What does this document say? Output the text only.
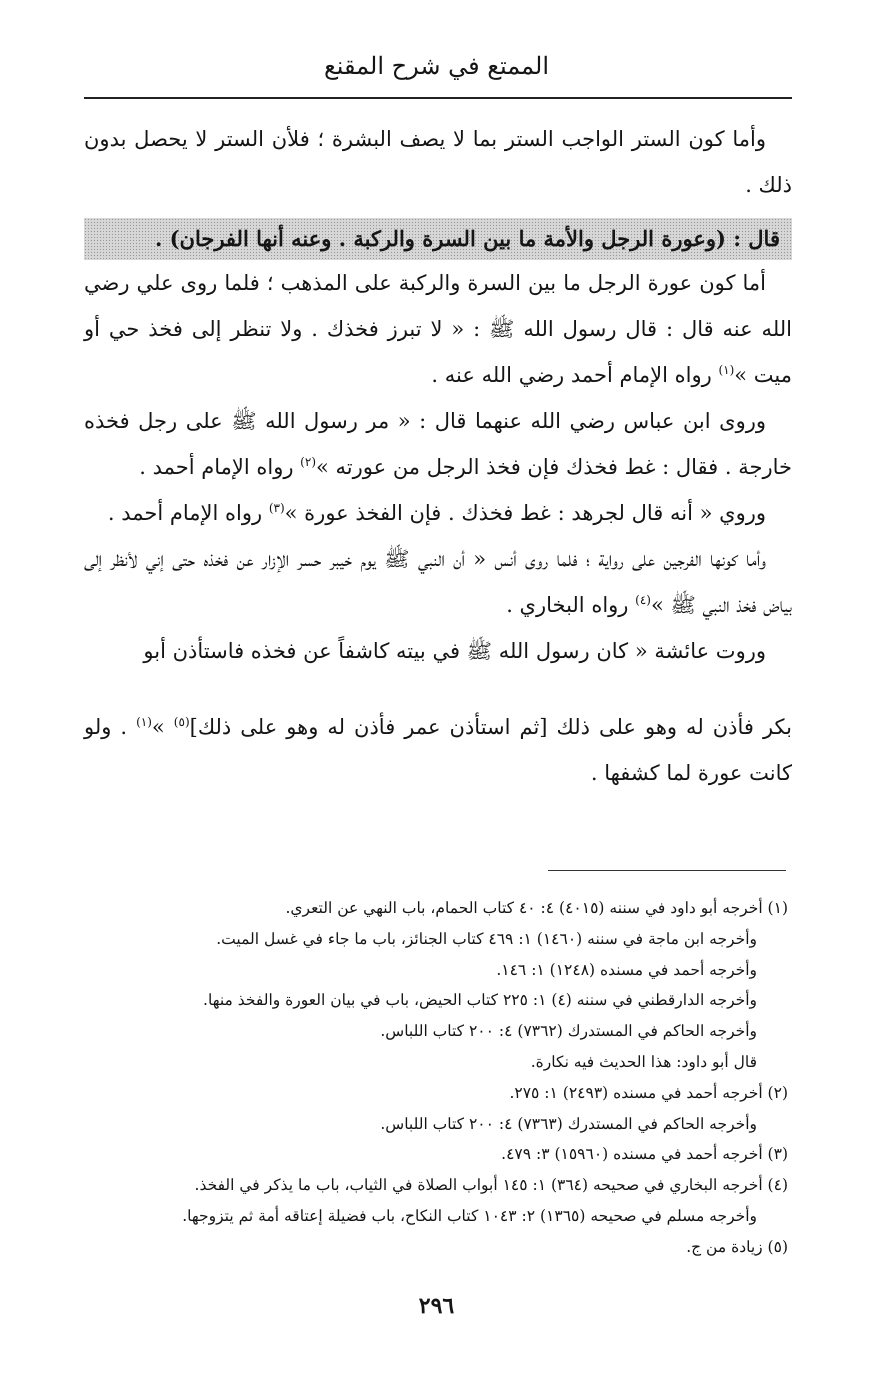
الممتع في شرح المقنع

وأما كون الستر الواجب الستر بما لا يصف البشرة ؛ فلأن الستر لا يحصل بدون ذلك .

قال : (وعورة الرجل والأمة ما بين السرة والركبة . وعنه أنها الفرجان) .

أما كون عورة الرجل ما بين السرة والركبة على المذهب ؛ فلما روى علي رضي الله عنه قال : قال رسول الله ﷺ : « لا تبرز فخذك . ولا تنظر إلى فخذ حي أو ميت »$^{(١)}$ رواه الإمام أحمد رضي الله عنه .

وروى ابن عباس رضي الله عنهما قال : « مر رسول الله ﷺ على رجل فخذه خارجة . فقال : غط فخذك فإن فخذ الرجل من عورته »$^{(٢)}$ رواه الإمام أحمد .

وروي « أنه قال لجرهد : غط فخذك . فإن الفخذ عورة »$^{(٣)}$ رواه الإمام أحمد .

وأما كونها الفرجين على رواية ؛ فلما روى أنس « أن النبي ﷺ يوم خيبر حسر الإزار عن فخذه حتى إني لأنظر إلى بياض فخذ النبي ﷺ »$^{(٤)}$ رواه البخاري .

وروت عائشة « كان رسول الله ﷺ في بيته كاشفاً عن فخذه فاستأذن أبو

بكر فأذن له وهو على ذلك [ثم استأذن عمر فأذن له وهو على ذلك]$^{(٥)}$ »$^{(١)}$ . ولو كانت عورة لما كشفها .

(١) أخرجه أبو داود في سننه (٤٠١٥) ٤: ٤٠ كتاب الحمام، باب النهي عن التعري.
وأخرجه ابن ماجة في سننه (١٤٦٠) ١: ٤٦٩ كتاب الجنائز، باب ما جاء في غسل الميت.
وأخرجه أحمد في مسنده (١٢٤٨) ١: ١٤٦.
وأخرجه الدارقطني في سننه (٤) ١: ٢٢٥ كتاب الحيض، باب في بيان العورة والفخذ منها.
وأخرجه الحاكم في المستدرك (٧٣٦٢) ٤: ٢٠٠ كتاب اللباس.
قال أبو داود: هذا الحديث فيه نكارة.
(٢) أخرجه أحمد في مسنده (٢٤٩٣) ١: ٢٧٥.
وأخرجه الحاكم في المستدرك (٧٣٦٣) ٤: ٢٠٠ كتاب اللباس.
(٣) أخرجه أحمد في مسنده (١٥٩٦٠) ٣: ٤٧٩.
(٤) أخرجه البخاري في صحيحه (٣٦٤) ١: ١٤٥ أبواب الصلاة في الثياب، باب ما يذكر في الفخذ.
وأخرجه مسلم في صحيحه (١٣٦٥) ٢: ١٠٤٣ كتاب النكاح، باب فضيلة إعتاقه أمة ثم يتزوجها.
(٥) زيادة من ج.
٢٩٦
